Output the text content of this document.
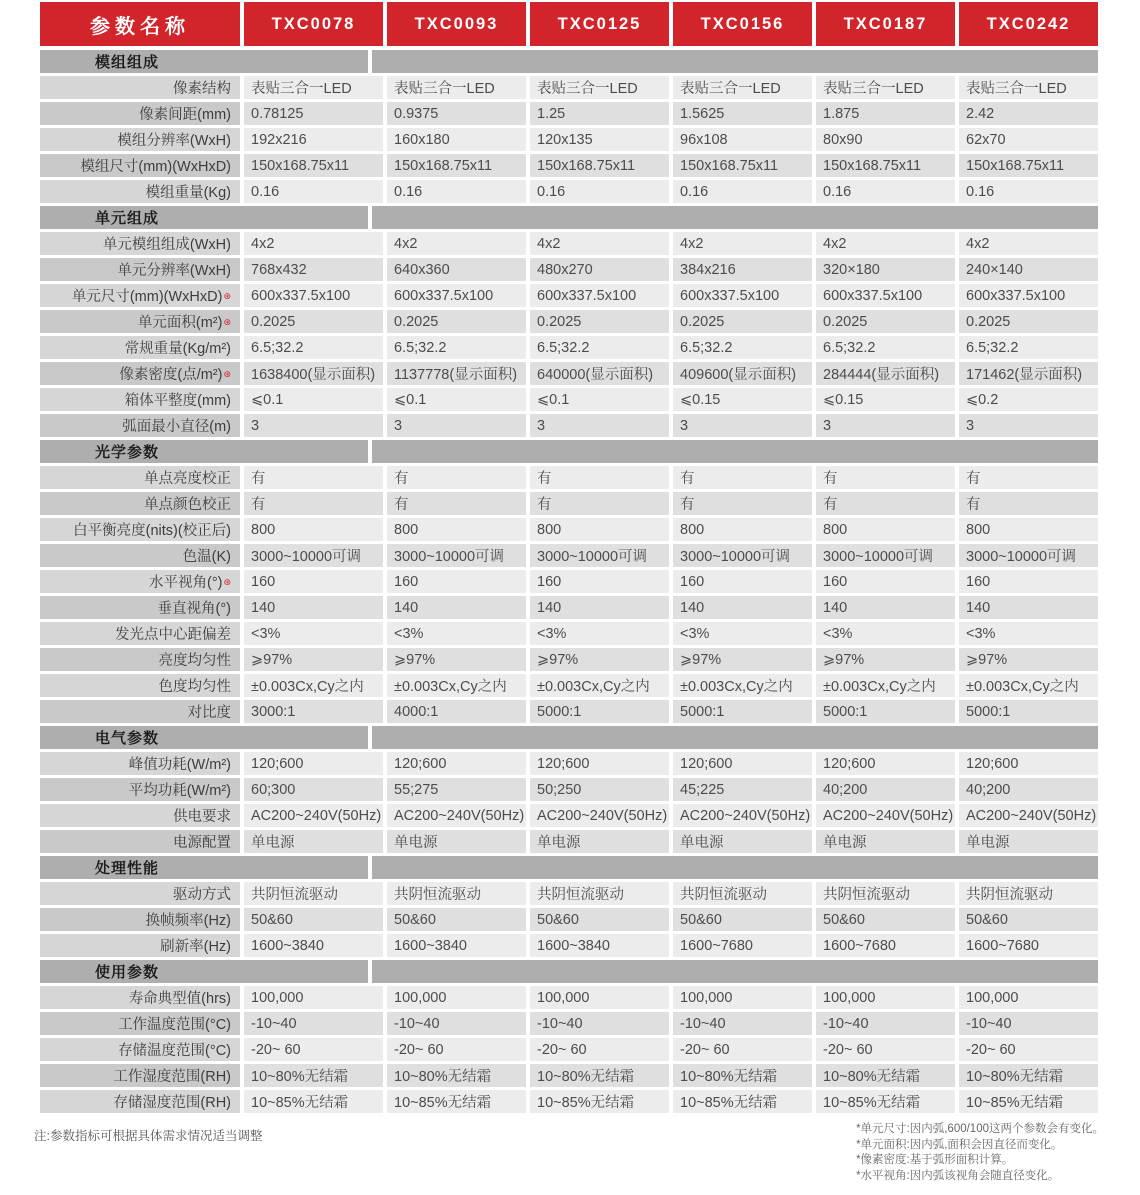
参数名称	TXC0078	TXC0093	TXC0125	TXC0156	TXC0187	TXC0242
模组组成
像素结构	表贴三合一LED	表贴三合一LED	表贴三合一LED	表贴三合一LED	表贴三合一LED	表贴三合一LED
像素间距(mm)	0.78125	0.9375	1.25	1.5625	1.875	2.42
模组分辨率(WxH)	192x216	160x180	120x135	96x108	80x90	62x70
模组尺寸(mm)(WxHxD)	150x168.75x11	150x168.75x11	150x168.75x11	150x168.75x11	150x168.75x11	150x168.75x11
模组重量(Kg)	0.16	0.16	0.16	0.16	0.16	0.16
单元组成
单元模组组成(WxH)	4x2	4x2	4x2	4x2	4x2	4x2
单元分辨率(WxH)	768x432	640x360	480x270	384x216	320×180	240×140
单元尺寸(mm)(WxHxD) ⊛	600x337.5x100	600x337.5x100	600x337.5x100	600x337.5x100	600x337.5x100	600x337.5x100
单元面积(m²) ⊛	0.2025	0.2025	0.2025	0.2025	0.2025	0.2025
常规重量(Kg/m²)	6.5;32.2	6.5;32.2	6.5;32.2	6.5;32.2	6.5;32.2	6.5;32.2
像素密度(点/m²) ⊛	1638400(显示面积)	1137778(显示面积)	640000(显示面积)	409600(显示面积)	284444(显示面积)	171462(显示面积)
箱体平整度(mm)	⩽0.1	⩽0.1	⩽0.1	⩽0.15	⩽0.15	⩽0.2
弧面最小直径(m)	3	3	3	3	3	3
光学参数
单点亮度校正	有	有	有	有	有	有
单点颜色校正	有	有	有	有	有	有
白平衡亮度(nits)(校正后)	800	800	800	800	800	800
色温(K)	3000~10000可调	3000~10000可调	3000~10000可调	3000~10000可调	3000~10000可调	3000~10000可调
水平视角(°) ⊛	160	160	160	160	160	160
垂直视角(°)	140	140	140	140	140	140
发光点中心距偏差	<3%	<3%	<3%	<3%	<3%	<3%
亮度均匀性	⩾97%	⩾97%	⩾97%	⩾97%	⩾97%	⩾97%
色度均匀性	±0.003Cx,Cy之内	±0.003Cx,Cy之内	±0.003Cx,Cy之内	±0.003Cx,Cy之内	±0.003Cx,Cy之内	±0.003Cx,Cy之内
对比度	3000:1	4000:1	5000:1	5000:1	5000:1	5000:1
电气参数
峰值功耗(W/m²)	120;600	120;600	120;600	120;600	120;600	120;600
平均功耗(W/m²)	60;300	55;275	50;250	45;225	40;200	40;200
供电要求	AC200~240V(50Hz) AC200~240V(50Hz) AC200~240V(50Hz) AC200~240V(50Hz) AC200~240V(50Hz) AC200~240V(50Hz)
电源配置	单电源	单电源	单电源	单电源	单电源	单电源
处理性能
驱动方式	共阴恒流驱动	共阴恒流驱动	共阴恒流驱动	共阴恒流驱动	共阴恒流驱动	共阴恒流驱动
换帧频率(Hz)	50&60	50&60	50&60	50&60	50&60	50&60
刷新率(Hz)	1600~3840	1600~3840	1600~3840	1600~7680	1600~7680	1600~7680
使用参数
寿命典型值(hrs)	100,000	100,000	100,000	100,000	100,000	100,000
工作温度范围(°C)	-10~40	-10~40	-10~40	-10~40	-10~40	-10~40
存储温度范围(°C)	-20~ 60	-20~ 60	-20~ 60	-20~ 60	-20~ 60	-20~ 60
工作湿度范围(RH)	10~80%无结霜	10~80%无结霜	10~80%无结霜	10~80%无结霜	10~80%无结霜	10~80%无结霜
存储湿度范围(RH)	10~85%无结霜	10~85%无结霜	10~85%无结霜	10~85%无结霜	10~85%无结霜	10~85%无结霜
注:参数指标可根据具体需求情况适当调整	*单元尺寸:因内弧,600/100这两个参数会有变化。
*单元面积:因内弧,面积会因直径而变化。
*像素密度:基于弧形面积计算。
*水平视角:因内弧该视角会随直径变化。
